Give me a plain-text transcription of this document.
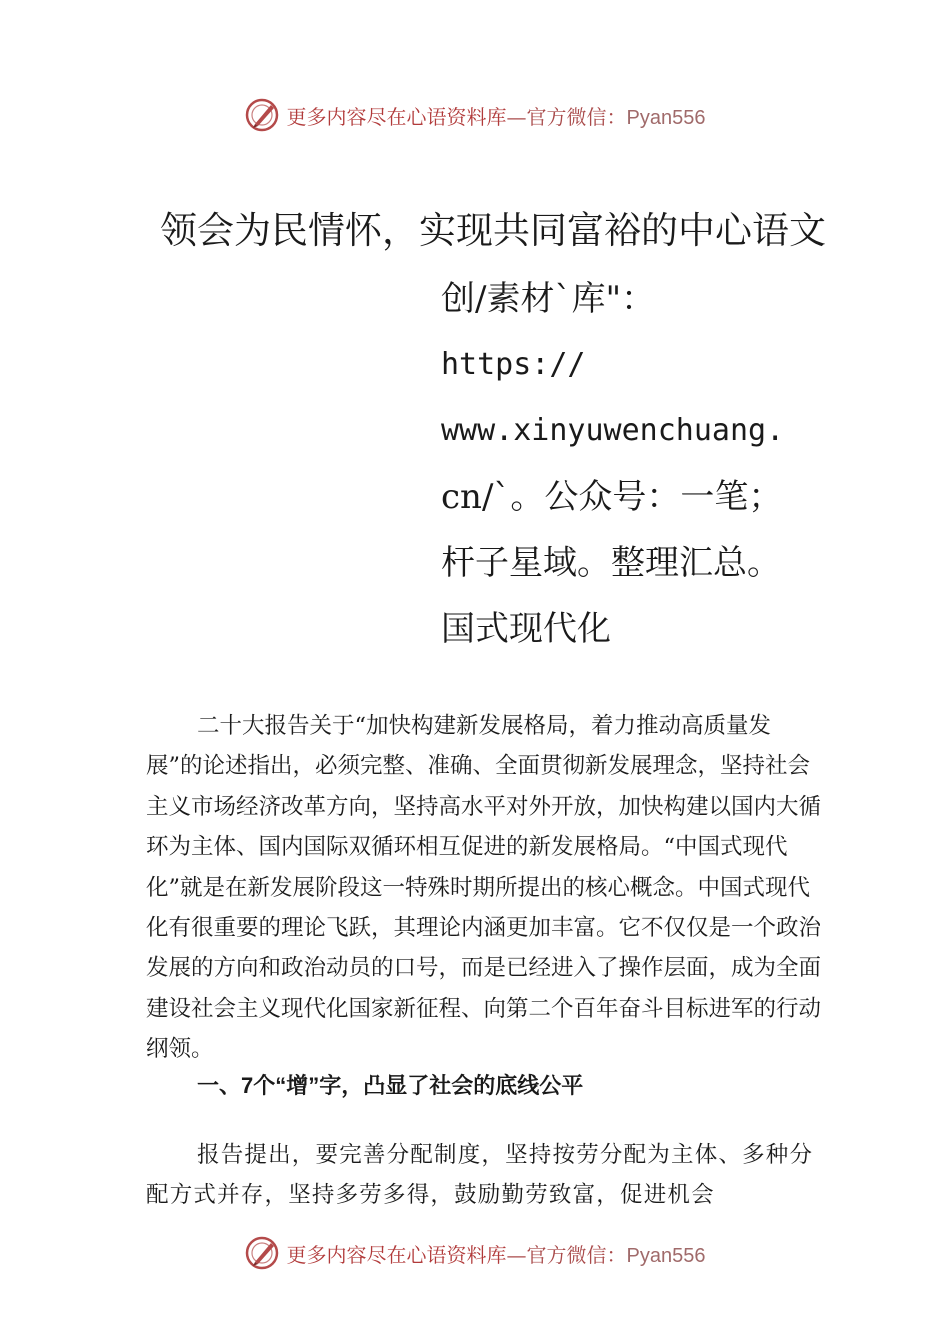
更多内容尽在心语资料库—官方微信：Pyan556
领会为民情怀，实现共同富裕的中心语文
创/素材`库"：
https://
www.xinyuwenchuang.
cn/`。公众号：一笔；
杆子星域。整理汇总。
国式现代化

二十大报告关于“加快构建新发展格局，着力推动高质量发展”的论述指出，必须完整、准确、全面贯彻新发展理念，坚持社会主义市场经济改革方向，坚持高水平对外开放，加快构建以国内大循环为主体、国内国际双循环相互促进的新发展格局。“中国式现代化”就是在新发展阶段这一特殊时期所提出的核心概念。中国式现代化有很重要的理论飞跃，其理论内涵更加丰富。它不仅仅是一个政治发展的方向和政治动员的口号，而是已经进入了操作层面，成为全面建设社会主义现代化国家新征程、向第二个百年奋斗目标进军的行动纲领。

一、7个“增”字，凸显了社会的底线公平

报告提出，要完善分配制度，坚持按劳分配为主体、多种分配方式并存，坚持多劳多得，鼓励勤劳致富，促进机会

更多内容尽在心语资料库—官方微信：Pyan556
